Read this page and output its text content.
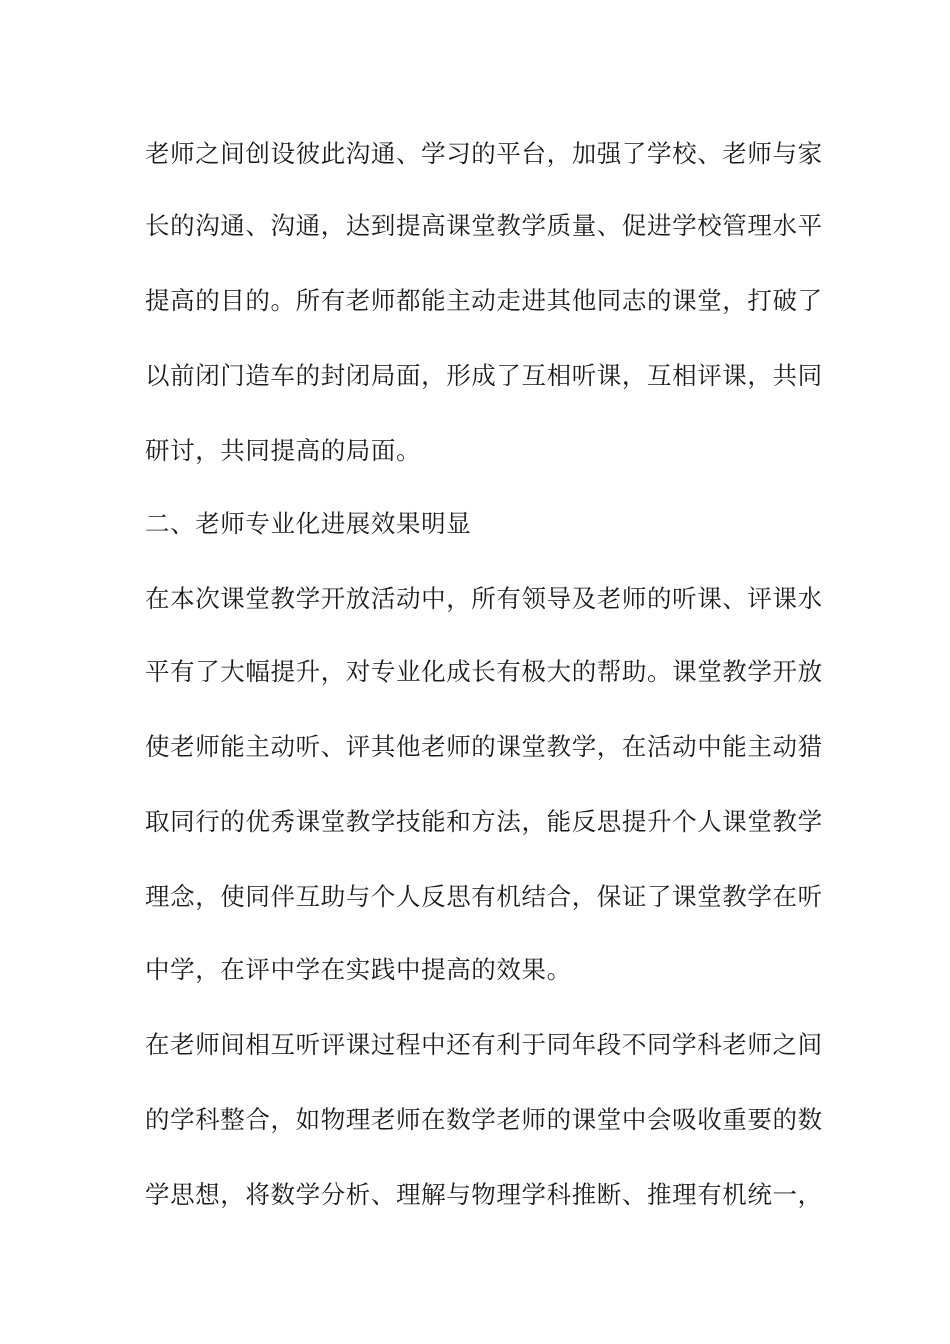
老师之间创设彼此沟通、学习的平台，加强了学校、老师与家
长的沟通、沟通，达到提高课堂教学质量、促进学校管理水平
提高的目的。所有老师都能主动走进其他同志的课堂，打破了
以前闭门造车的封闭局面，形成了互相听课，互相评课，共同
研讨，共同提高的局面。
二、老师专业化进展效果明显
在本次课堂教学开放活动中，所有领导及老师的听课、评课水
平有了大幅提升，对专业化成长有极大的帮助。课堂教学开放
使老师能主动听、评其他老师的课堂教学，在活动中能主动猎
取同行的优秀课堂教学技能和方法，能反思提升个人课堂教学
理念，使同伴互助与个人反思有机结合，保证了课堂教学在听
中学，在评中学在实践中提高的效果。
在老师间相互听评课过程中还有利于同年段不同学科老师之间
的学科整合，如物理老师在数学老师的课堂中会吸收重要的数
学思想，将数学分析、理解与物理学科推断、推理有机统一，
